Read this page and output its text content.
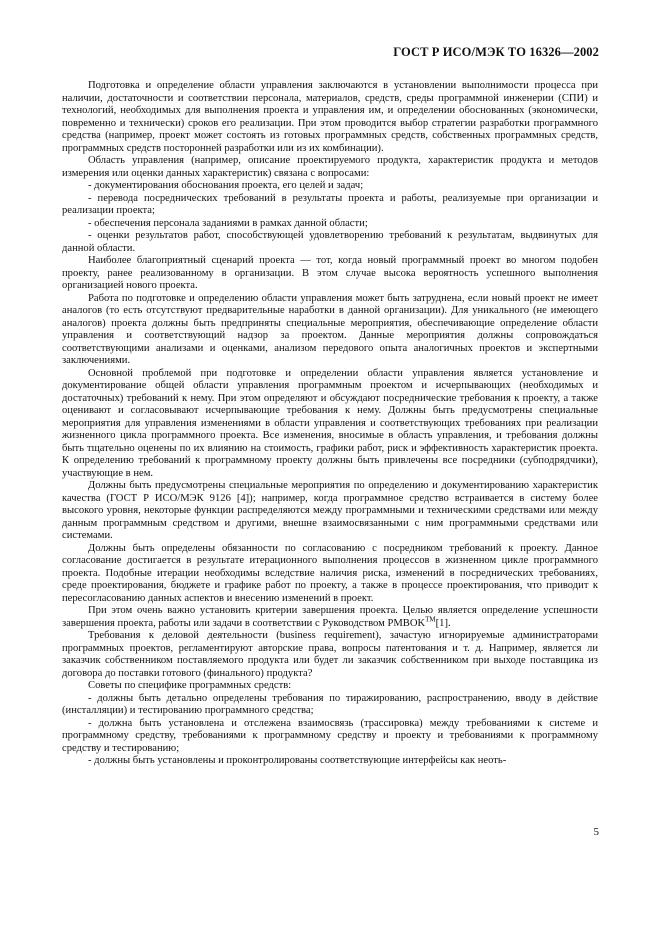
ГОСТ Р ИСО/МЭК ТО 16326—2002

Подготовка и определение области управления заключаются в установлении выполнимости процесса при наличии, достаточности и соответствии персонала, материалов, средств, среды программной инженерии (СПИ) и технологий, необходимых для выполнения проекта и управления им, и определении обоснованных (экономически, повременно и технически) сроков его реализации. При этом проводится выбор стратегии разработки программного средства (например, проект может состоять из готовых программных средств, собственных программных средств, программных средств посторонней разработки или из их комбинации).

Область управления (например, описание проектируемого продукта, характеристик продукта и методов измерения или оценки данных характеристик) связана с вопросами:

- документирования обоснования проекта, его целей и задач;

- перевода посреднических требований в результаты проекта и работы, реализуемые при организации и реализации проекта;

- обеспечения персонала заданиями в рамках данной области;

- оценки результатов работ, способствующей удовлетворению требований к результатам, выдвинутых для данной области.

Наиболее благоприятный сценарий проекта — тот, когда новый программный проект во многом подобен проекту, ранее реализованному в организации. В этом случае высока вероятность успешного выполнения организацией нового проекта.

Работа по подготовке и определению области управления может быть затруднена, если новый проект не имеет аналогов (то есть отсутствуют предварительные наработки в данной организации). Для уникального (не имеющего аналогов) проекта должны быть предприняты специальные мероприятия, обеспечивающие определение области управления и соответствующий надзор за проектом. Данные мероприятия должны сопровождаться соответствующими анализами и оценками, анализом передового опыта аналогичных проектов и экспертными заключениями.

Основной проблемой при подготовке и определении области управления является установление и документирование общей области управления программным проектом и исчерпывающих (необходимых и достаточных) требований к нему. При этом определяют и обсуждают посреднические требования к проекту, а также оценивают и согласовывают исчерпывающие требования к нему. Должны быть предусмотрены специальные мероприятия для управления изменениями в области управления и соответствующих требованиях при реализации жизненного цикла программного проекта. Все изменения, вносимые в область управления, и требования должны быть тщательно оценены по их влиянию на стоимость, графики работ, риск и эффективность характеристик проекта. К определению требований к программному проекту должны быть привлечены все посредники (субподрядчики), участвующие в нем.

Должны быть предусмотрены специальные мероприятия по определению и документированию характеристик качества (ГОСТ Р ИСО/МЭК 9126 [4]); например, когда программное средство встраивается в систему более высокого уровня, некоторые функции распределяются между программными и техническими средствами или между данным программным средством и другими, внешне взаимосвязанными с ним программными средствами или системами.

Должны быть определены обязанности по согласованию с посредником требований к проекту. Данное согласование достигается в результате итерационного выполнения процессов в жизненном цикле программного проекта. Подобные итерации необходимы вследствие наличия риска, изменений в посреднических требованиях, среде проектирования, бюджете и графике работ по проекту, а также в процессе проектирования, что приводит к пересогласованию данных аспектов и внесению изменений в проект.

При этом очень важно установить критерии завершения проекта. Целью является определение успешности завершения проекта, работы или задачи в соответствии с Руководством PMBOK™[1].

Требования к деловой деятельности (business requirement), зачастую игнорируемые администраторами программных проектов, регламентируют авторские права, вопросы патентования и т. д. Например, является ли заказчик собственником поставляемого продукта или будет ли заказчик собственником при выходе поставщика из договора до поставки готового (финального) продукта?

Советы по специфике программных средств:

- должны быть детально определены требования по тиражированию, распространению, вводу в действие (инсталляции) и тестированию программного средства;

- должна быть установлена и отслежена взаимосвязь (трассировка) между требованиями к системе и программному средству, требованиями к программному средству и проекту и требованиями к программному средству и тестированию;

- должны быть установлены и проконтролированы соответствующие интерфейсы как неоть-

5
